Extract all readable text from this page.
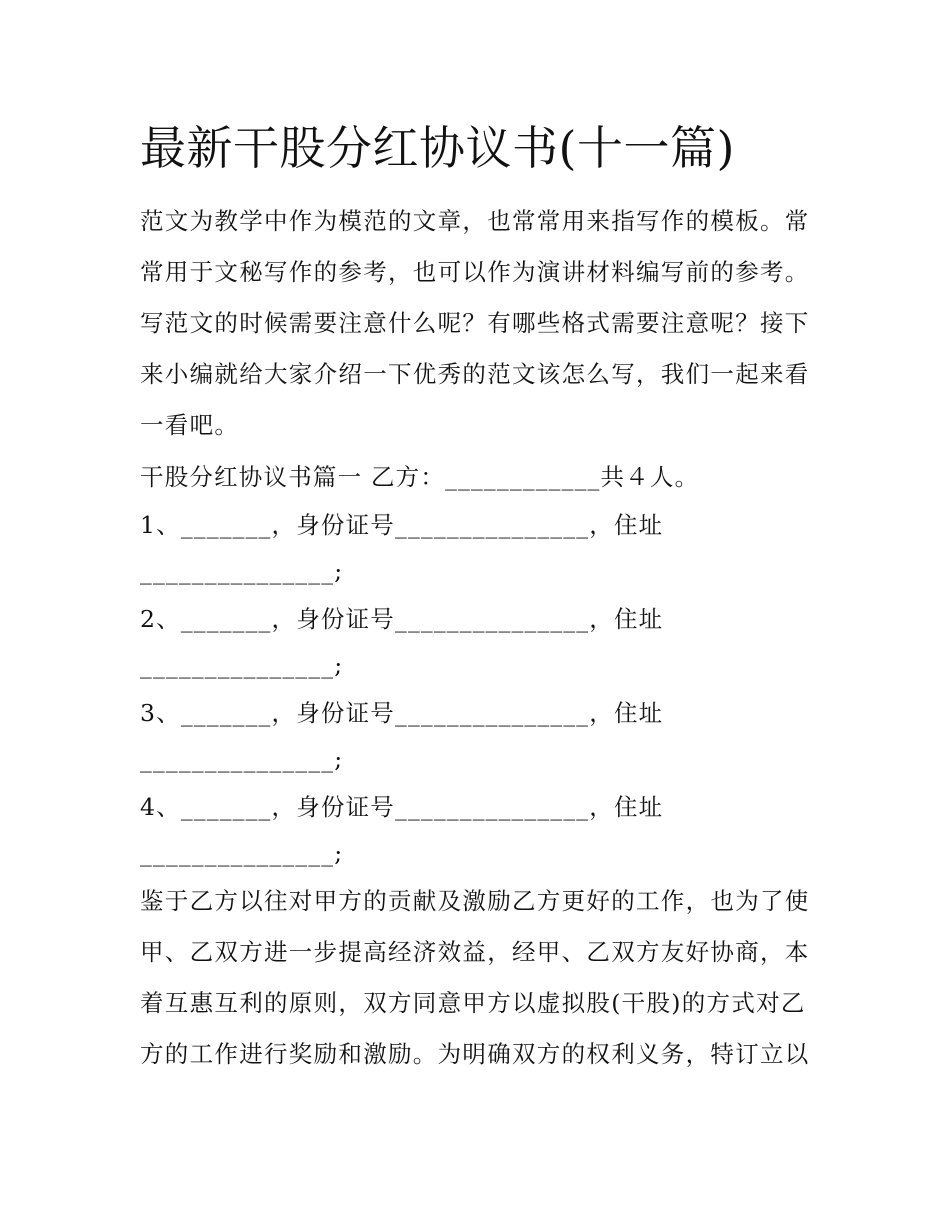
最新干股分红协议书(十一篇)
范文为教学中作为模范的文章，也常常用来指写作的模板。常常用于文秘写作的参考，也可以作为演讲材料编写前的参考。写范文的时候需要注意什么呢？有哪些格式需要注意呢？接下来小编就给大家介绍一下优秀的范文该怎么写，我们一起来看一看吧。
干股分红协议书篇一 乙方：____________共４人。
1、_______，身份证号_______________，住址
_______________;
2、_______，身份证号_______________，住址
_______________;
3、_______，身份证号_______________，住址
_______________;
4、_______，身份证号_______________，住址
_______________;
鉴于乙方以往对甲方的贡献及激励乙方更好的工作，也为了使甲、乙双方进一步提高经济效益，经甲、乙双方友好协商，本着互惠互利的原则，双方同意甲方以虚拟股(干股)的方式对乙方的工作进行奖励和激励。为明确双方的权利义务，特订立以
